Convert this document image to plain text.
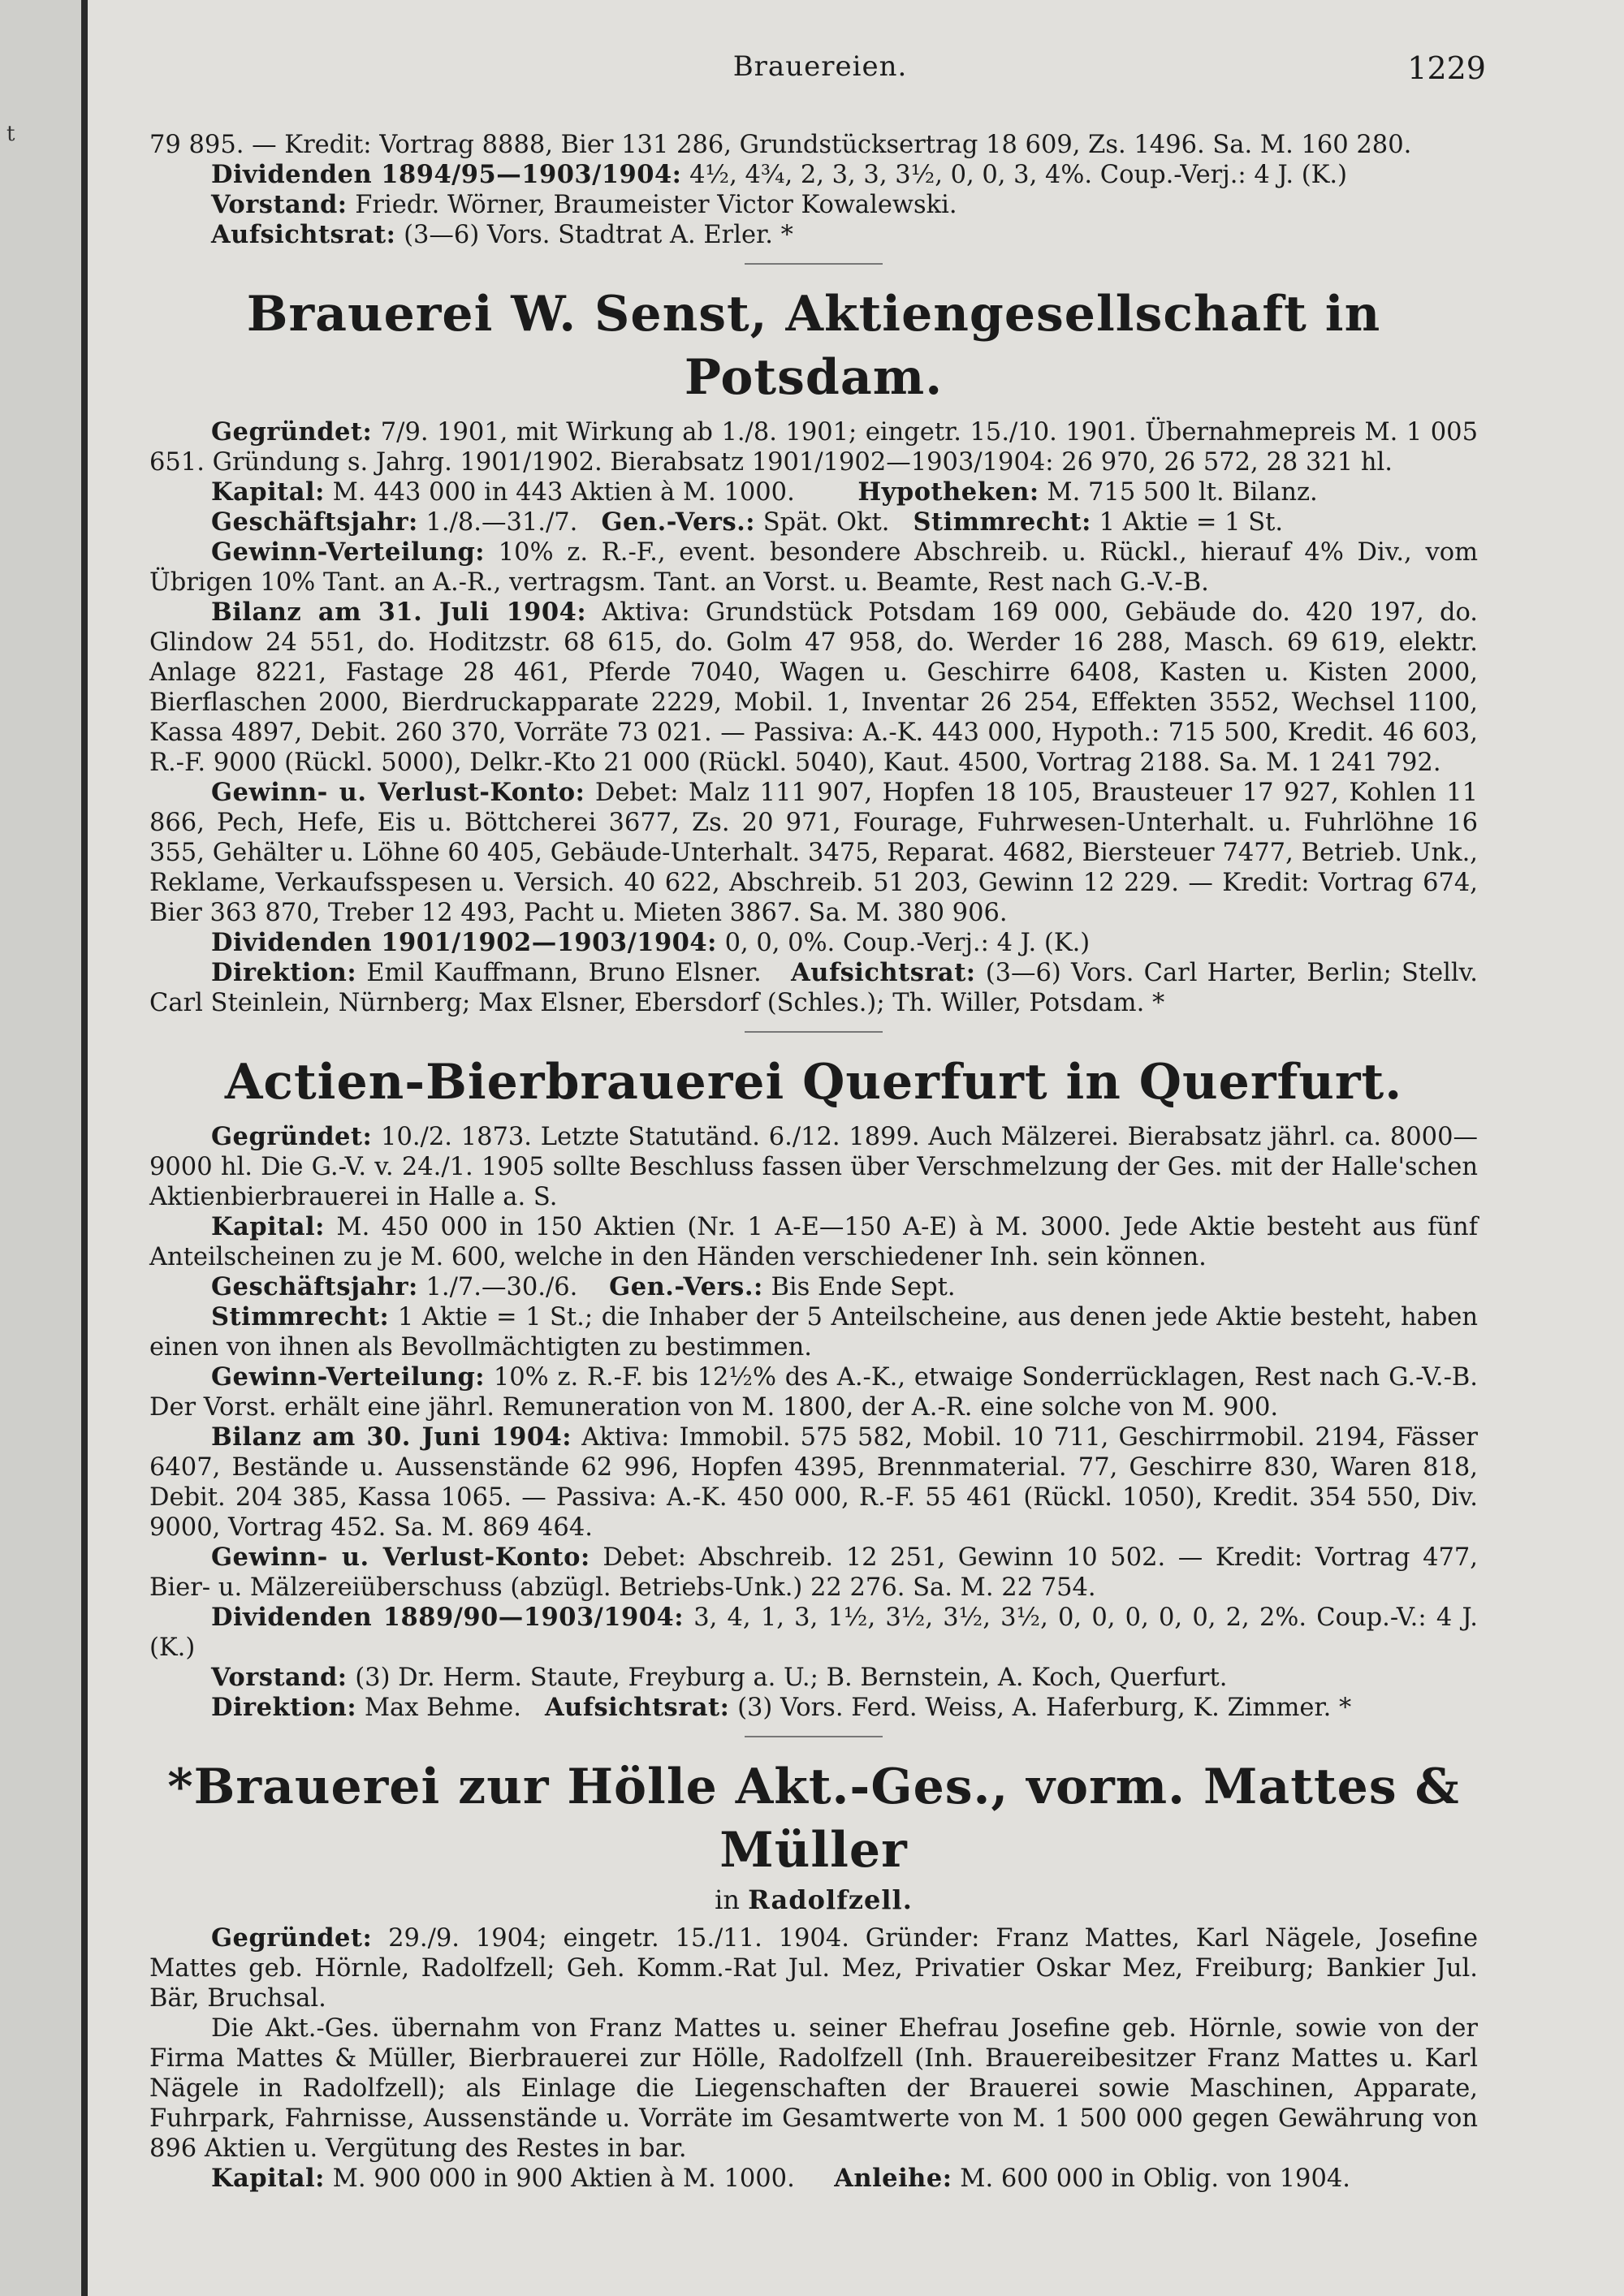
t
Brauereien.	1229

79 895. — Kredit: Vortrag 8888, Bier 131 286, Grundstücksertrag 18 609, Zs. 1496. Sa. M. 160 280.

Dividenden 1894/95—1903/1904: 4½, 4¾, 2, 3, 3, 3½, 0, 0, 3, 4%. Coup.-Verj.: 4 J. (K.)

Vorstand: Friedr. Wörner, Braumeister Victor Kowalewski.

Aufsichtsrat: (3—6) Vors. Stadtrat A. Erler. *

Brauerei W. Senst, Aktiengesellschaft in Potsdam.

Gegründet: 7/9. 1901, mit Wirkung ab 1./8. 1901; eingetr. 15./10. 1901. Übernahmepreis M. 1 005 651. Gründung s. Jahrg. 1901/1902. Bierabsatz 1901/1902—1903/1904: 26 970, 26 572, 28 321 hl.

Kapital: M. 443 000 in 443 Aktien à M. 1000.	Hypotheken: M. 715 500 lt. Bilanz.

Geschäftsjahr: 1./8.—31./7. Gen.-Vers.: Spät. Okt. Stimmrecht: 1 Aktie = 1 St.

Gewinn-Verteilung: 10% z. R.-F., event. besondere Abschreib. u. Rückl., hierauf 4% Div., vom Übrigen 10% Tant. an A.-R., vertragsm. Tant. an Vorst. u. Beamte, Rest nach G.-V.-B.

Bilanz am 31. Juli 1904: Aktiva: Grundstück Potsdam 169 000, Gebäude do. 420 197, do. Glindow 24 551, do. Hoditzstr. 68 615, do. Golm 47 958, do. Werder 16 288, Masch. 69 619, elektr. Anlage 8221, Fastage 28 461, Pferde 7040, Wagen u. Geschirre 6408, Kasten u. Kisten 2000, Bierflaschen 2000, Bierdruckapparate 2229, Mobil. 1, Inventar 26 254, Effekten 3552, Wechsel 1100, Kassa 4897, Debit. 260 370, Vorräte 73 021. — Passiva: A.-K. 443 000, Hypoth.: 715 500, Kredit. 46 603, R.-F. 9000 (Rückl. 5000), Delkr.-Kto 21 000 (Rückl. 5040), Kaut. 4500, Vortrag 2188. Sa. M. 1 241 792.

Gewinn- u. Verlust-Konto: Debet: Malz 111 907, Hopfen 18 105, Brausteuer 17 927, Kohlen 11 866, Pech, Hefe, Eis u. Böttcherei 3677, Zs. 20 971, Fourage, Fuhrwesen-Unterhalt. u. Fuhrlöhne 16 355, Gehälter u. Löhne 60 405, Gebäude-Unterhalt. 3475, Reparat. 4682, Biersteuer 7477, Betrieb. Unk., Reklame, Verkaufsspesen u. Versich. 40 622, Abschreib. 51 203, Gewinn 12 229. — Kredit: Vortrag 674, Bier 363 870, Treber 12 493, Pacht u. Mieten 3867. Sa. M. 380 906.

Dividenden 1901/1902—1903/1904: 0, 0, 0%. Coup.-Verj.: 4 J. (K.)

Direktion: Emil Kauffmann, Bruno Elsner. Aufsichtsrat: (3—6) Vors. Carl Harter, Berlin; Stellv. Carl Steinlein, Nürnberg; Max Elsner, Ebersdorf (Schles.); Th. Willer, Potsdam. *

Actien-Bierbrauerei Querfurt in Querfurt.

Gegründet: 10./2. 1873. Letzte Statutänd. 6./12. 1899. Auch Mälzerei. Bierabsatz jährl. ca. 8000—9000 hl. Die G.-V. v. 24./1. 1905 sollte Beschluss fassen über Verschmelzung der Ges. mit der Halle'schen Aktienbierbrauerei in Halle a. S.

Kapital: M. 450 000 in 150 Aktien (Nr. 1 A-E—150 A-E) à M. 3000. Jede Aktie besteht aus fünf Anteilscheinen zu je M. 600, welche in den Händen verschiedener Inh. sein können.

Geschäftsjahr: 1./7.—30./6. Gen.-Vers.: Bis Ende Sept.

Stimmrecht: 1 Aktie = 1 St.; die Inhaber der 5 Anteilscheine, aus denen jede Aktie besteht, haben einen von ihnen als Bevollmächtigten zu bestimmen.

Gewinn-Verteilung: 10% z. R.-F. bis 12½% des A.-K., etwaige Sonderrücklagen, Rest nach G.-V.-B. Der Vorst. erhält eine jährl. Remuneration von M. 1800, der A.-R. eine solche von M. 900.

Bilanz am 30. Juni 1904: Aktiva: Immobil. 575 582, Mobil. 10 711, Geschirrmobil. 2194, Fässer 6407, Bestände u. Aussenstände 62 996, Hopfen 4395, Brennmaterial. 77, Geschirre 830, Waren 818, Debit. 204 385, Kassa 1065. — Passiva: A.-K. 450 000, R.-F. 55 461 (Rückl. 1050), Kredit. 354 550, Div. 9000, Vortrag 452. Sa. M. 869 464.

Gewinn- u. Verlust-Konto: Debet: Abschreib. 12 251, Gewinn 10 502. — Kredit: Vortrag 477, Bier- u. Mälzereiüberschuss (abzügl. Betriebs-Unk.) 22 276. Sa. M. 22 754.

Dividenden 1889/90—1903/1904: 3, 4, 1, 3, 1½, 3½, 3½, 3½, 0, 0, 0, 0, 0, 2, 2%. Coup.-V.: 4 J. (K.)

Vorstand: (3) Dr. Herm. Staute, Freyburg a. U.; B. Bernstein, A. Koch, Querfurt.

Direktion: Max Behme. Aufsichtsrat: (3) Vors. Ferd. Weiss, A. Haferburg, K. Zimmer. *

*Brauerei zur Hölle Akt.-Ges., vorm. Mattes & Müller

in Radolfzell.

Gegründet: 29./9. 1904; eingetr. 15./11. 1904. Gründer: Franz Mattes, Karl Nägele, Josefine Mattes geb. Hörnle, Radolfzell; Geh. Komm.-Rat Jul. Mez, Privatier Oskar Mez, Freiburg; Bankier Jul. Bär, Bruchsal.

Die Akt.-Ges. übernahm von Franz Mattes u. seiner Ehefrau Josefine geb. Hörnle, sowie von der Firma Mattes & Müller, Bierbrauerei zur Hölle, Radolfzell (Inh. Brauereibesitzer Franz Mattes u. Karl Nägele in Radolfzell); als Einlage die Liegenschaften der Brauerei sowie Maschinen, Apparate, Fuhrpark, Fahrnisse, Aussenstände u. Vorräte im Gesamtwerte von M. 1 500 000 gegen Gewährung von 896 Aktien u. Vergütung des Restes in bar.

Kapital: M. 900 000 in 900 Aktien à M. 1000. Anleihe: M. 600 000 in Oblig. von 1904.
